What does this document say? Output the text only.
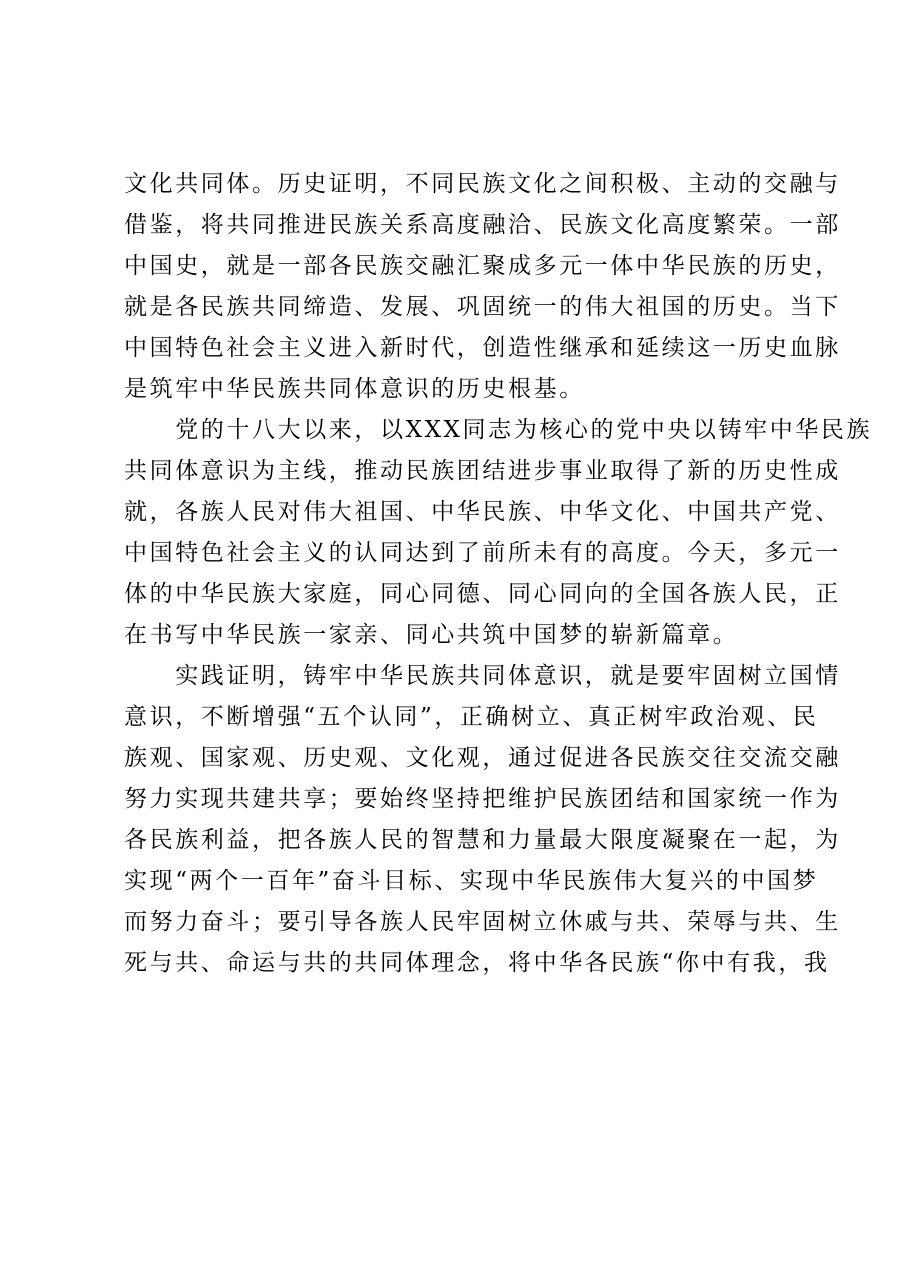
文化共同体。历史证明，不同民族文化之间积极、主动的交融与
借鉴，将共同推进民族关系高度融洽、民族文化高度繁荣。一部
中国史，就是一部各民族交融汇聚成多元一体中华民族的历史，
就是各民族共同缔造、发展、巩固统一的伟大祖国的历史。当下
中国特色社会主义进入新时代，创造性继承和延续这一历史血脉
是筑牢中华民族共同体意识的历史根基。
　　党的十八大以来，以XXX同志为核心的党中央以铸牢中华民族
共同体意识为主线，推动民族团结进步事业取得了新的历史性成
就，各族人民对伟大祖国、中华民族、中华文化、中国共产党、
中国特色社会主义的认同达到了前所未有的高度。今天，多元一
体的中华民族大家庭，同心同德、同心同向的全国各族人民，正
在书写中华民族一家亲、同心共筑中国梦的崭新篇章。
　　实践证明，铸牢中华民族共同体意识，就是要牢固树立国情
意识，不断增强“五个认同”，正确树立、真正树牢政治观、民
族观、国家观、历史观、文化观，通过促进各民族交往交流交融
努力实现共建共享；要始终坚持把维护民族团结和国家统一作为
各民族利益，把各族人民的智慧和力量最大限度凝聚在一起，为
实现“两个一百年”奋斗目标、实现中华民族伟大复兴的中国梦
而努力奋斗；要引导各族人民牢固树立休戚与共、荣辱与共、生
死与共、命运与共的共同体理念，将中华各民族“你中有我，我
